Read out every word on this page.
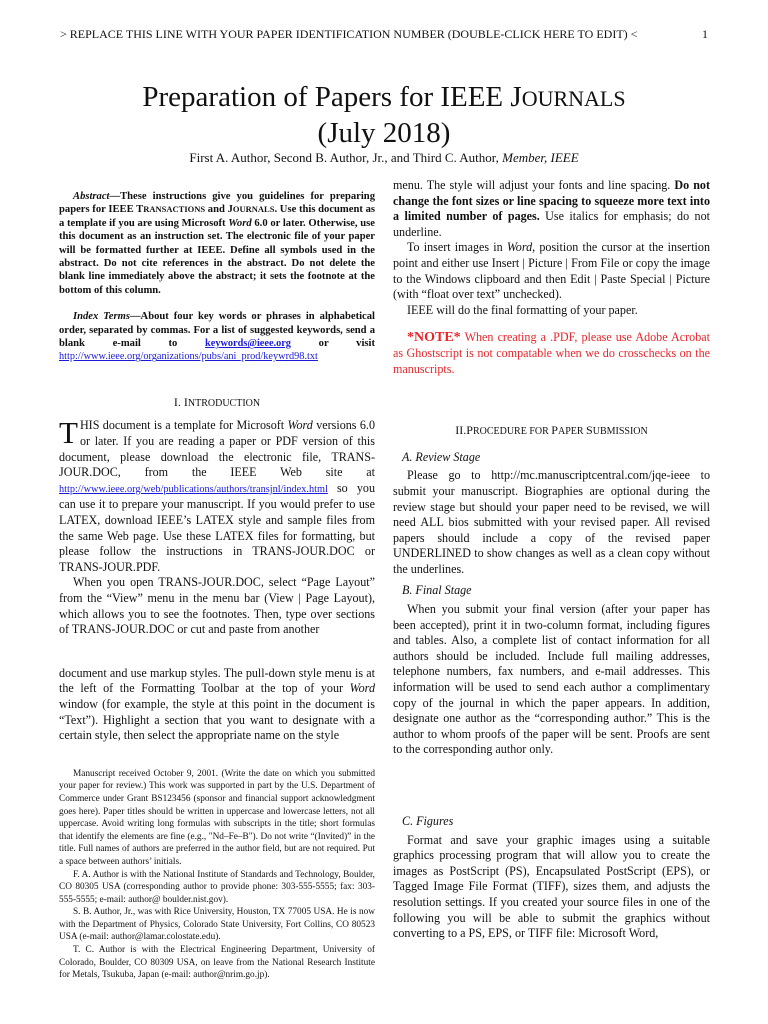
> REPLACE THIS LINE WITH YOUR PAPER IDENTIFICATION NUMBER (DOUBLE-CLICK HERE TO EDIT) <	1
Preparation of Papers for IEEE JOURNALS
(July 2018)
First A. Author, Second B. Author, Jr., and Third C. Author, Member, IEEE

Abstract—These instructions give you guidelines for preparing papers for IEEE TRANSACTIONS and JOURNALS. Use this document as a template if you are using Microsoft Word 6.0 or later. Otherwise, use this document as an instruction set. The electronic file of your paper will be formatted further at IEEE. Define all symbols used in the abstract. Do not cite references in the abstract. Do not delete the blank line immediately above the abstract; it sets the footnote at the bottom of this column.

Index Terms—About four key words or phrases in alphabetical order, separated by commas. For a list of suggested keywords, send a blank e-mail to keywords@ieee.org or visit http://www.ieee.org/organizations/pubs/ani_prod/keywrd98.txt

I. INTRODUCTION

THIS document is a template for Microsoft Word versions 6.0 or later. If you are reading a paper or PDF version of this document, please download the electronic file, TRANS-JOUR.DOC, from the IEEE Web site at http://www.ieee.org/web/publications/authors/transjnl/index.html so you can use it to prepare your manuscript. If you would prefer to use LATEX, download IEEE’s LATEX style and sample files from the same Web page. Use these LATEX files for formatting, but please follow the instructions in TRANS-JOUR.DOC or TRANS-JOUR.PDF.

When you open TRANS-JOUR.DOC, select “Page Layout” from the “View” menu in the menu bar (View | Page Layout), which allows you to see the footnotes. Then, type over sections of TRANS-JOUR.DOC or cut and paste from another

document and use markup styles. The pull-down style menu is at the left of the Formatting Toolbar at the top of your Word window (for example, the style at this point in the document is “Text”). Highlight a section that you want to designate with a certain style, then select the appropriate name on the style

Manuscript received October 9, 2001. (Write the date on which you submitted your paper for review.) This work was supported in part by the U.S. Department of Commerce under Grant BS123456 (sponsor and financial support acknowledgment goes here). Paper titles should be written in uppercase and lowercase letters, not all uppercase. Avoid writing long formulas with subscripts in the title; short formulas that identify the elements are fine (e.g., "Nd–Fe–B"). Do not write “(Invited)” in the title. Full names of authors are preferred in the author field, but are not required. Put a space between authors’ initials.

F. A. Author is with the National Institute of Standards and Technology, Boulder, CO 80305 USA (corresponding author to provide phone: 303-555-5555; fax: 303-555-5555; e-mail: author@ boulder.nist.gov).

S. B. Author, Jr., was with Rice University, Houston, TX 77005 USA. He is now with the Department of Physics, Colorado State University, Fort Collins, CO 80523 USA (e-mail: author@lamar.colostate.edu).

T. C. Author is with the Electrical Engineering Department, University of Colorado, Boulder, CO 80309 USA, on leave from the National Research Institute for Metals, Tsukuba, Japan (e-mail: author@nrim.go.jp).

menu. The style will adjust your fonts and line spacing. Do not change the font sizes or line spacing to squeeze more text into a limited number of pages. Use italics for emphasis; do not underline.

To insert images in Word, position the cursor at the insertion point and either use Insert | Picture | From File or copy the image to the Windows clipboard and then Edit | Paste Special | Picture (with “float over text” unchecked).

IEEE will do the final formatting of your paper.

*NOTE* When creating a .PDF, please use Adobe Acrobat as Ghostscript is not compatable when we do crosschecks on the manuscripts.

II.PROCEDURE FOR PAPER SUBMISSION

A. Review Stage

Please go to http://mc.manuscriptcentral.com/jqe-ieee to submit your manuscript. Biographies are optional during the review stage but should your paper need to be revised, we will need ALL bios submitted with your revised paper. All revised papers should include a copy of the revised paper UNDERLINED to show changes as well as a clean copy without the underlines.

B. Final Stage

When you submit your final version (after your paper has been accepted), print it in two-column format, including figures and tables. Also, a complete list of contact information for all authors should be included. Include full mailing addresses, telephone numbers, fax numbers, and e-mail addresses. This information will be used to send each author a complimentary copy of the journal in which the paper appears. In addition, designate one author as the “corresponding author.” This is the author to whom proofs of the paper will be sent. Proofs are sent to the corresponding author only.

C. Figures

Format and save your graphic images using a suitable graphics processing program that will allow you to create the images as PostScript (PS), Encapsulated PostScript (EPS), or Tagged Image File Format (TIFF), sizes them, and adjusts the resolution settings. If you created your source files in one of the following you will be able to submit the graphics without converting to a PS, EPS, or TIFF file: Microsoft Word,
